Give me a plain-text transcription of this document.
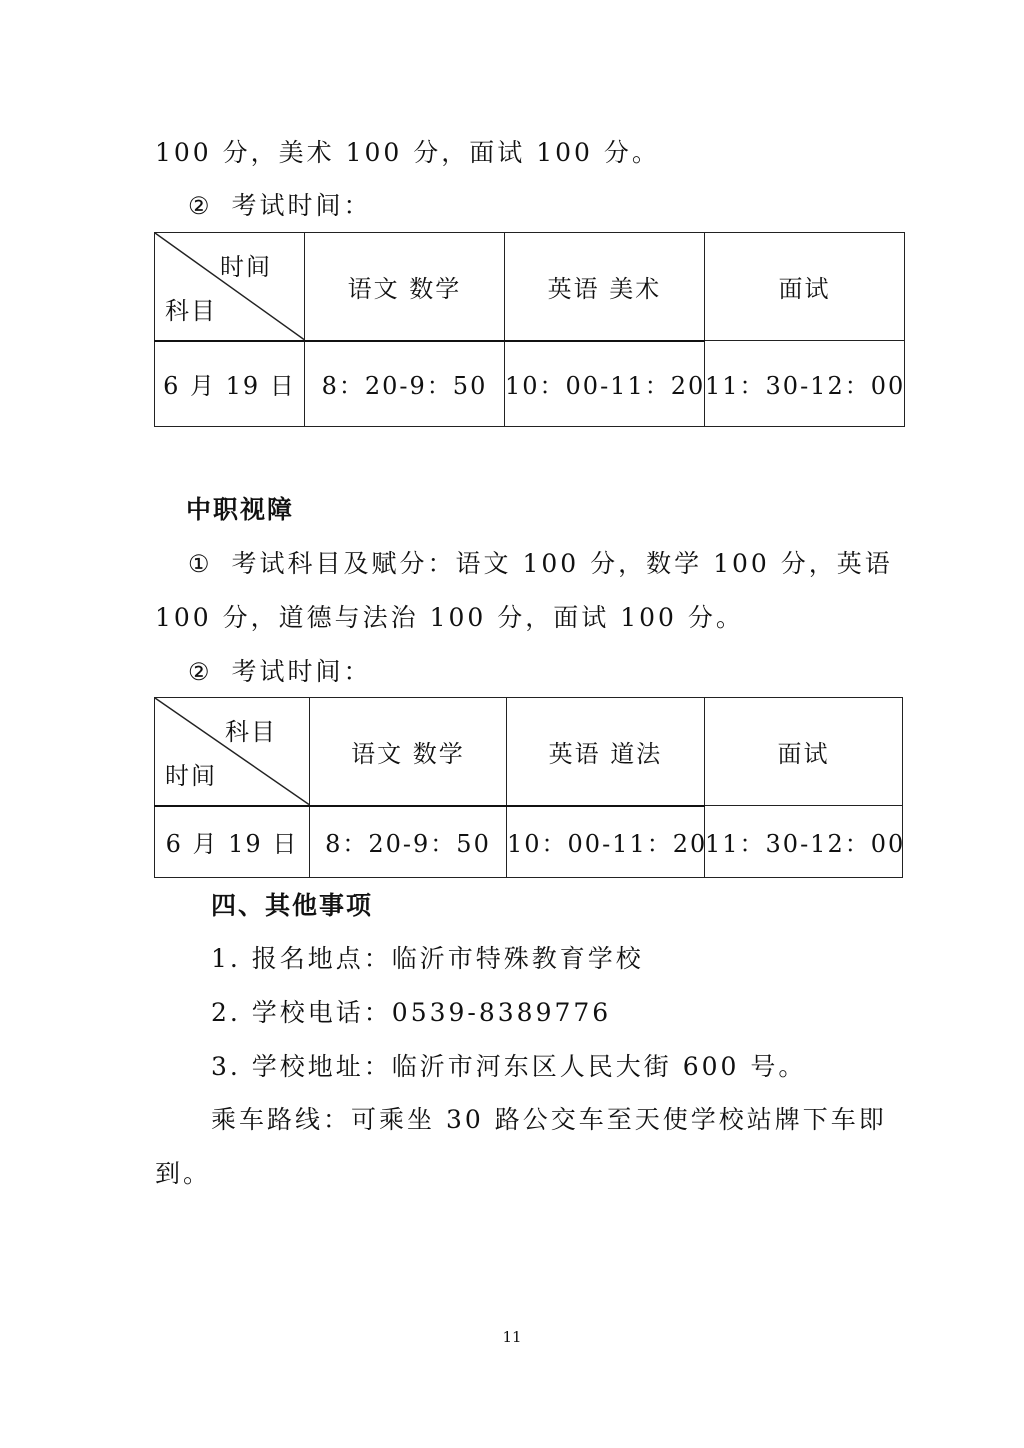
100 分，美术 100 分，面试 100 分。
② 考试时间：
时间
科目	语文 数学	英语 美术	面试
6 月 19 日	8：20-9：50	10：00-11：20	11：30-12：00
中职视障
① 考试科目及赋分：语文 100 分，数学 100 分，英语
100 分，道德与法治 100 分，面试 100 分。
② 考试时间：
科目
时间	语文 数学	英语 道法	面试
6 月 19 日	8：20-9：50	10：00-11：20	11：30-12：00
四、其他事项
1. 报名地点：临沂市特殊教育学校
2. 学校电话：0539-8389776
3. 学校地址：临沂市河东区人民大街 600 号。
乘车路线：可乘坐 30 路公交车至天使学校站牌下车即
到。
11
